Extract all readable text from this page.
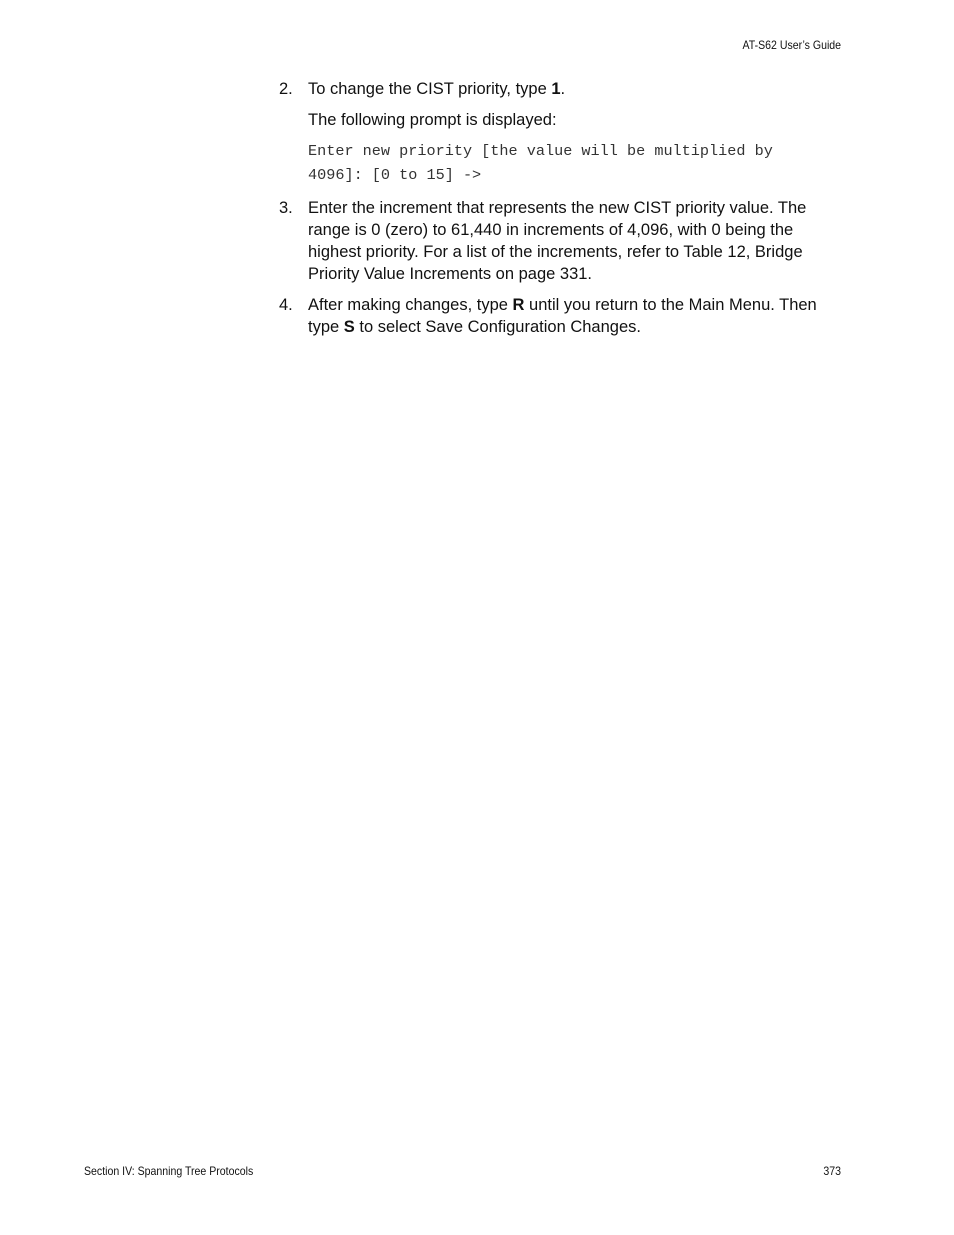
AT-S62 User’s Guide
2. To change the CIST priority, type 1.

The following prompt is displayed:

Enter new priority [the value will be multiplied by
4096]: [0 to 15] ->
3. Enter the increment that represents the new CIST priority value. The range is 0 (zero) to 61,440 in increments of 4,096, with 0 being the highest priority. For a list of the increments, refer to Table 12, Bridge Priority Value Increments on page 331.
4. After making changes, type R until you return to the Main Menu. Then type S to select Save Configuration Changes.
Section IV: Spanning Tree Protocols	373
